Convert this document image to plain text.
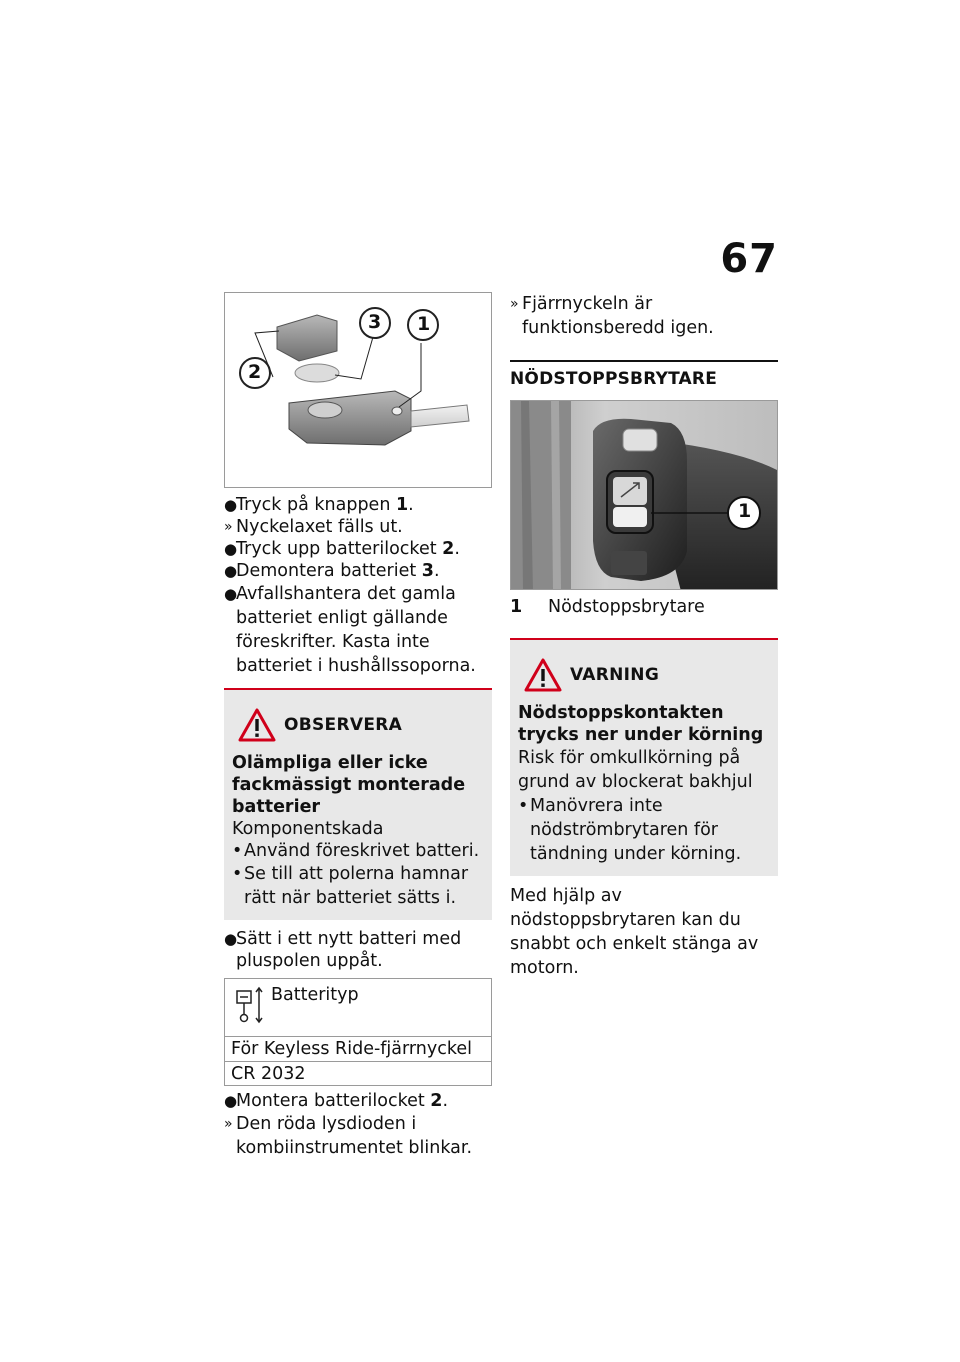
67
2
3 1
●
Tryck på knappen 1.
» Nyckelaxet fälls ut.
●
Tryck upp batterilocket 2.
●
Demontera batteriet 3.
●
Avfallshantera det gamla batteriet enligt gällande föreskrifter. Kasta inte batteriet i hushållssoporna.
OBSERVERA
Olämpliga eller icke fackmässigt monterade batterier
Komponentskada
• Använd föreskrivet batteri.
• Se till att polerna hamnar rätt när batteriet sätts i.
●
Sätt i ett nytt batteri med pluspolen uppåt.
Batterityp
För Keyless Ride-fjärrnyckel
CR 2032
●
Montera batterilocket 2.
» Den röda lysdioden i kombiinstrumentet blinkar.
» Fjärrnyckeln är funktionsberedd igen.
NÖDSTOPPSBRYTARE
1
1	Nödstoppsbrytare
VARNING
Nödstoppskontakten trycks ner under körning
Risk för omkullkörning på grund av blockerat bakhjul
• Manövrera inte nödströmbrytaren för tändning under körning.
Med hjälp av nödstoppsbrytaren kan du snabbt och enkelt stänga av motorn.
